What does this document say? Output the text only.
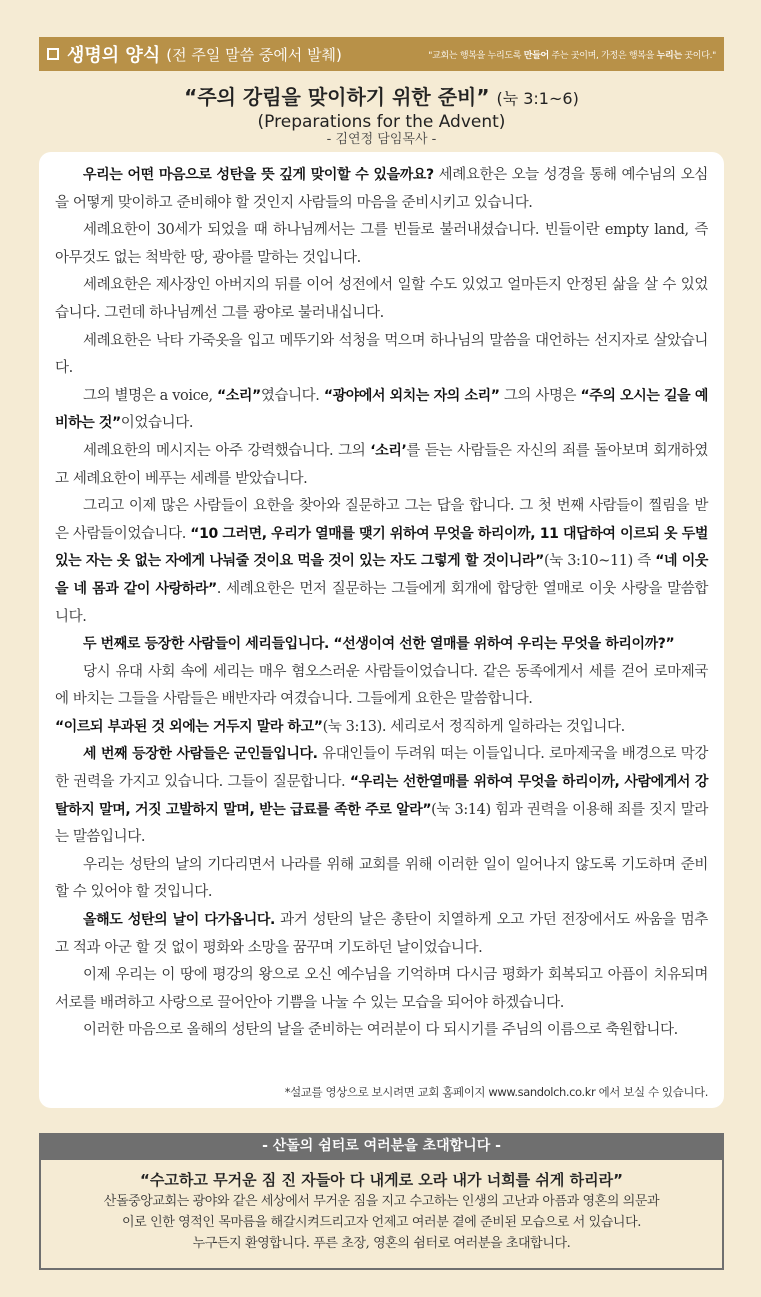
생명의 양식 (전 주일 말씀 중에서 발췌)	"교회는 행복을 누리도록 만들어 주는 곳이며, 가정은 행복을 누리는 곳이다."
“주의 강림을 맞이하기 위한 준비” (눅 3:1~6)
(Preparations for the Advent)
- 김연정 담임목사 -

우리는 어떤 마음으로 성탄을 뜻 깊게 맞이할 수 있을까요? 세례요한은 오늘 성경을 통해 예수님의 오심을 어떻게 맞이하고 준비해야 할 것인지 사람들의 마음을 준비시키고 있습니다.

세례요한이 30세가 되었을 때 하나님께서는 그를 빈들로 불러내셨습니다. 빈들이란 empty land, 즉 아무것도 없는 척박한 땅, 광야를 말하는 것입니다.

세례요한은 제사장인 아버지의 뒤를 이어 성전에서 일할 수도 있었고 얼마든지 안정된 삶을 살 수 있었습니다. 그런데 하나님께선 그를 광야로 불러내십니다.

세례요한은 낙타 가죽옷을 입고 메뚜기와 석청을 먹으며 하나님의 말씀을 대언하는 선지자로 살았습니다.

그의 별명은 a voice, “소리”였습니다. “광야에서 외치는 자의 소리” 그의 사명은 “주의 오시는 길을 예비하는 것”이었습니다.

세례요한의 메시지는 아주 강력했습니다. 그의 ‘소리’를 듣는 사람들은 자신의 죄를 돌아보며 회개하였고 세례요한이 베푸는 세례를 받았습니다.

그리고 이제 많은 사람들이 요한을 찾아와 질문하고 그는 답을 합니다. 그 첫 번째 사람들이 찔림을 받은 사람들이었습니다. “10 그러면, 우리가 열매를 맺기 위하여 무엇을 하리이까, 11 대답하여 이르되 옷 두벌 있는 자는 옷 없는 자에게 나눠줄 것이요 먹을 것이 있는 자도 그렇게 할 것이니라”(눅 3:10~11) 즉 “네 이웃을 네 몸과 같이 사랑하라”. 세례요한은 먼저 질문하는 그들에게 회개에 합당한 열매로 이웃 사랑을 말씀합니다.

두 번째로 등장한 사람들이 세리들입니다. “선생이여 선한 열매를 위하여 우리는 무엇을 하리이까?”

당시 유대 사회 속에 세리는 매우 혐오스러운 사람들이었습니다. 같은 동족에게서 세를 걷어 로마제국에 바치는 그들을 사람들은 배반자라 여겼습니다. 그들에게 요한은 말씀합니다.

“이르되 부과된 것 외에는 거두지 말라 하고”(눅 3:13). 세리로서 정직하게 일하라는 것입니다.

세 번째 등장한 사람들은 군인들입니다. 유대인들이 두려워 떠는 이들입니다. 로마제국을 배경으로 막강한 권력을 가지고 있습니다. 그들이 질문합니다. “우리는 선한열매를 위하여 무엇을 하리이까, 사람에게서 강탈하지 말며, 거짓 고발하지 말며, 받는 급료를 족한 주로 알라”(눅 3:14) 힘과 권력을 이용해 죄를 짓지 말라는 말씀입니다.

우리는 성탄의 날의 기다리면서 나라를 위해 교회를 위해 이러한 일이 일어나지 않도록 기도하며 준비할 수 있어야 할 것입니다.

올해도 성탄의 날이 다가옵니다. 과거 성탄의 날은 총탄이 치열하게 오고 가던 전장에서도 싸움을 멈추고 적과 아군 할 것 없이 평화와 소망을 꿈꾸며 기도하던 날이었습니다.

이제 우리는 이 땅에 평강의 왕으로 오신 예수님을 기억하며 다시금 평화가 회복되고 아픔이 치유되며 서로를 배려하고 사랑으로 끌어안아 기쁨을 나눌 수 있는 모습을 되어야 하겠습니다.

이러한 마음으로 올해의 성탄의 날을 준비하는 여러분이 다 되시기를 주님의 이름으로 축원합니다.

*설교를 영상으로 보시려면 교회 홈페이지 www.sandolch.co.kr 에서 보실 수 있습니다.
- 산돌의 쉼터로 여러분을 초대합니다 -
“수고하고 무거운 짐 진 자들아 다 내게로 오라 내가 너희를 쉬게 하리라”
산돌중앙교회는 광야와 같은 세상에서 무거운 짐을 지고 수고하는 인생의 고난과 아픔과 영혼의 의문과
이로 인한 영적인 목마름을 해갈시켜드리고자 언제고 여러분 곁에 준비된 모습으로 서 있습니다.
누구든지 환영합니다. 푸른 초장, 영혼의 쉼터로 여러분을 초대합니다.
